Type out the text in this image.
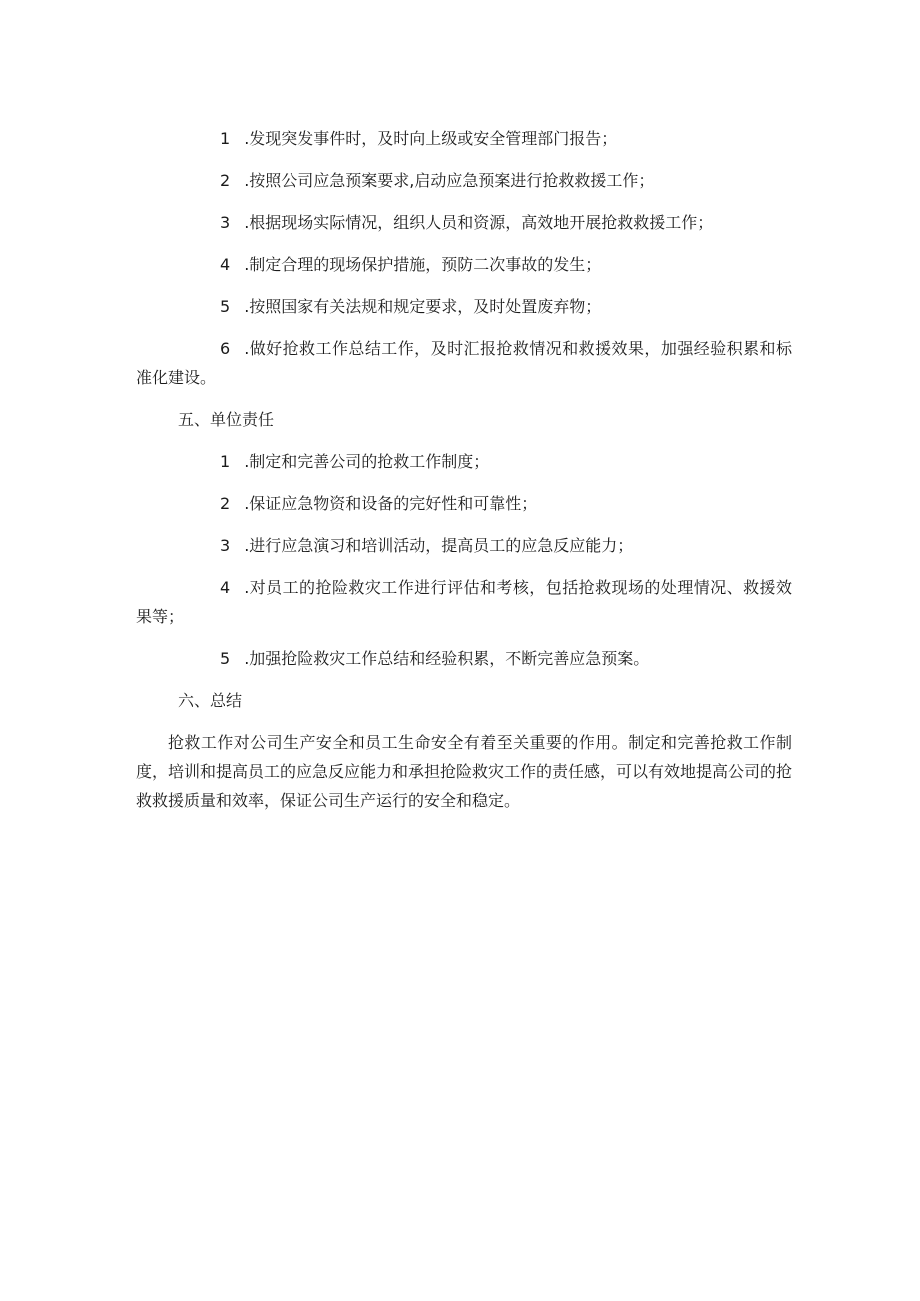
1 .发现突发事件时，及时向上级或安全管理部门报告；

2 .按照公司应急预案要求,启动应急预案进行抢救救援工作；

3 .根据现场实际情况，组织人员和资源，高效地开展抢救救援工作；

4 .制定合理的现场保护措施，预防二次事故的发生；

5 .按照国家有关法规和规定要求，及时处置废弃物；

6 .做好抢救工作总结工作，及时汇报抢救情况和救援效果，加强经验积累和标准化建设。

五、单位责任

1 .制定和完善公司的抢救工作制度；

2 .保证应急物资和设备的完好性和可靠性；

3 .进行应急演习和培训活动，提高员工的应急反应能力；

4 .对员工的抢险救灾工作进行评估和考核，包括抢救现场的处理情况、救援效果等；

5 .加强抢险救灾工作总结和经验积累，不断完善应急预案。

六、总结

抢救工作对公司生产安全和员工生命安全有着至关重要的作用。制定和完善抢救工作制度，培训和提高员工的应急反应能力和承担抢险救灾工作的责任感，可以有效地提高公司的抢救救援质量和效率，保证公司生产运行的安全和稳定。
